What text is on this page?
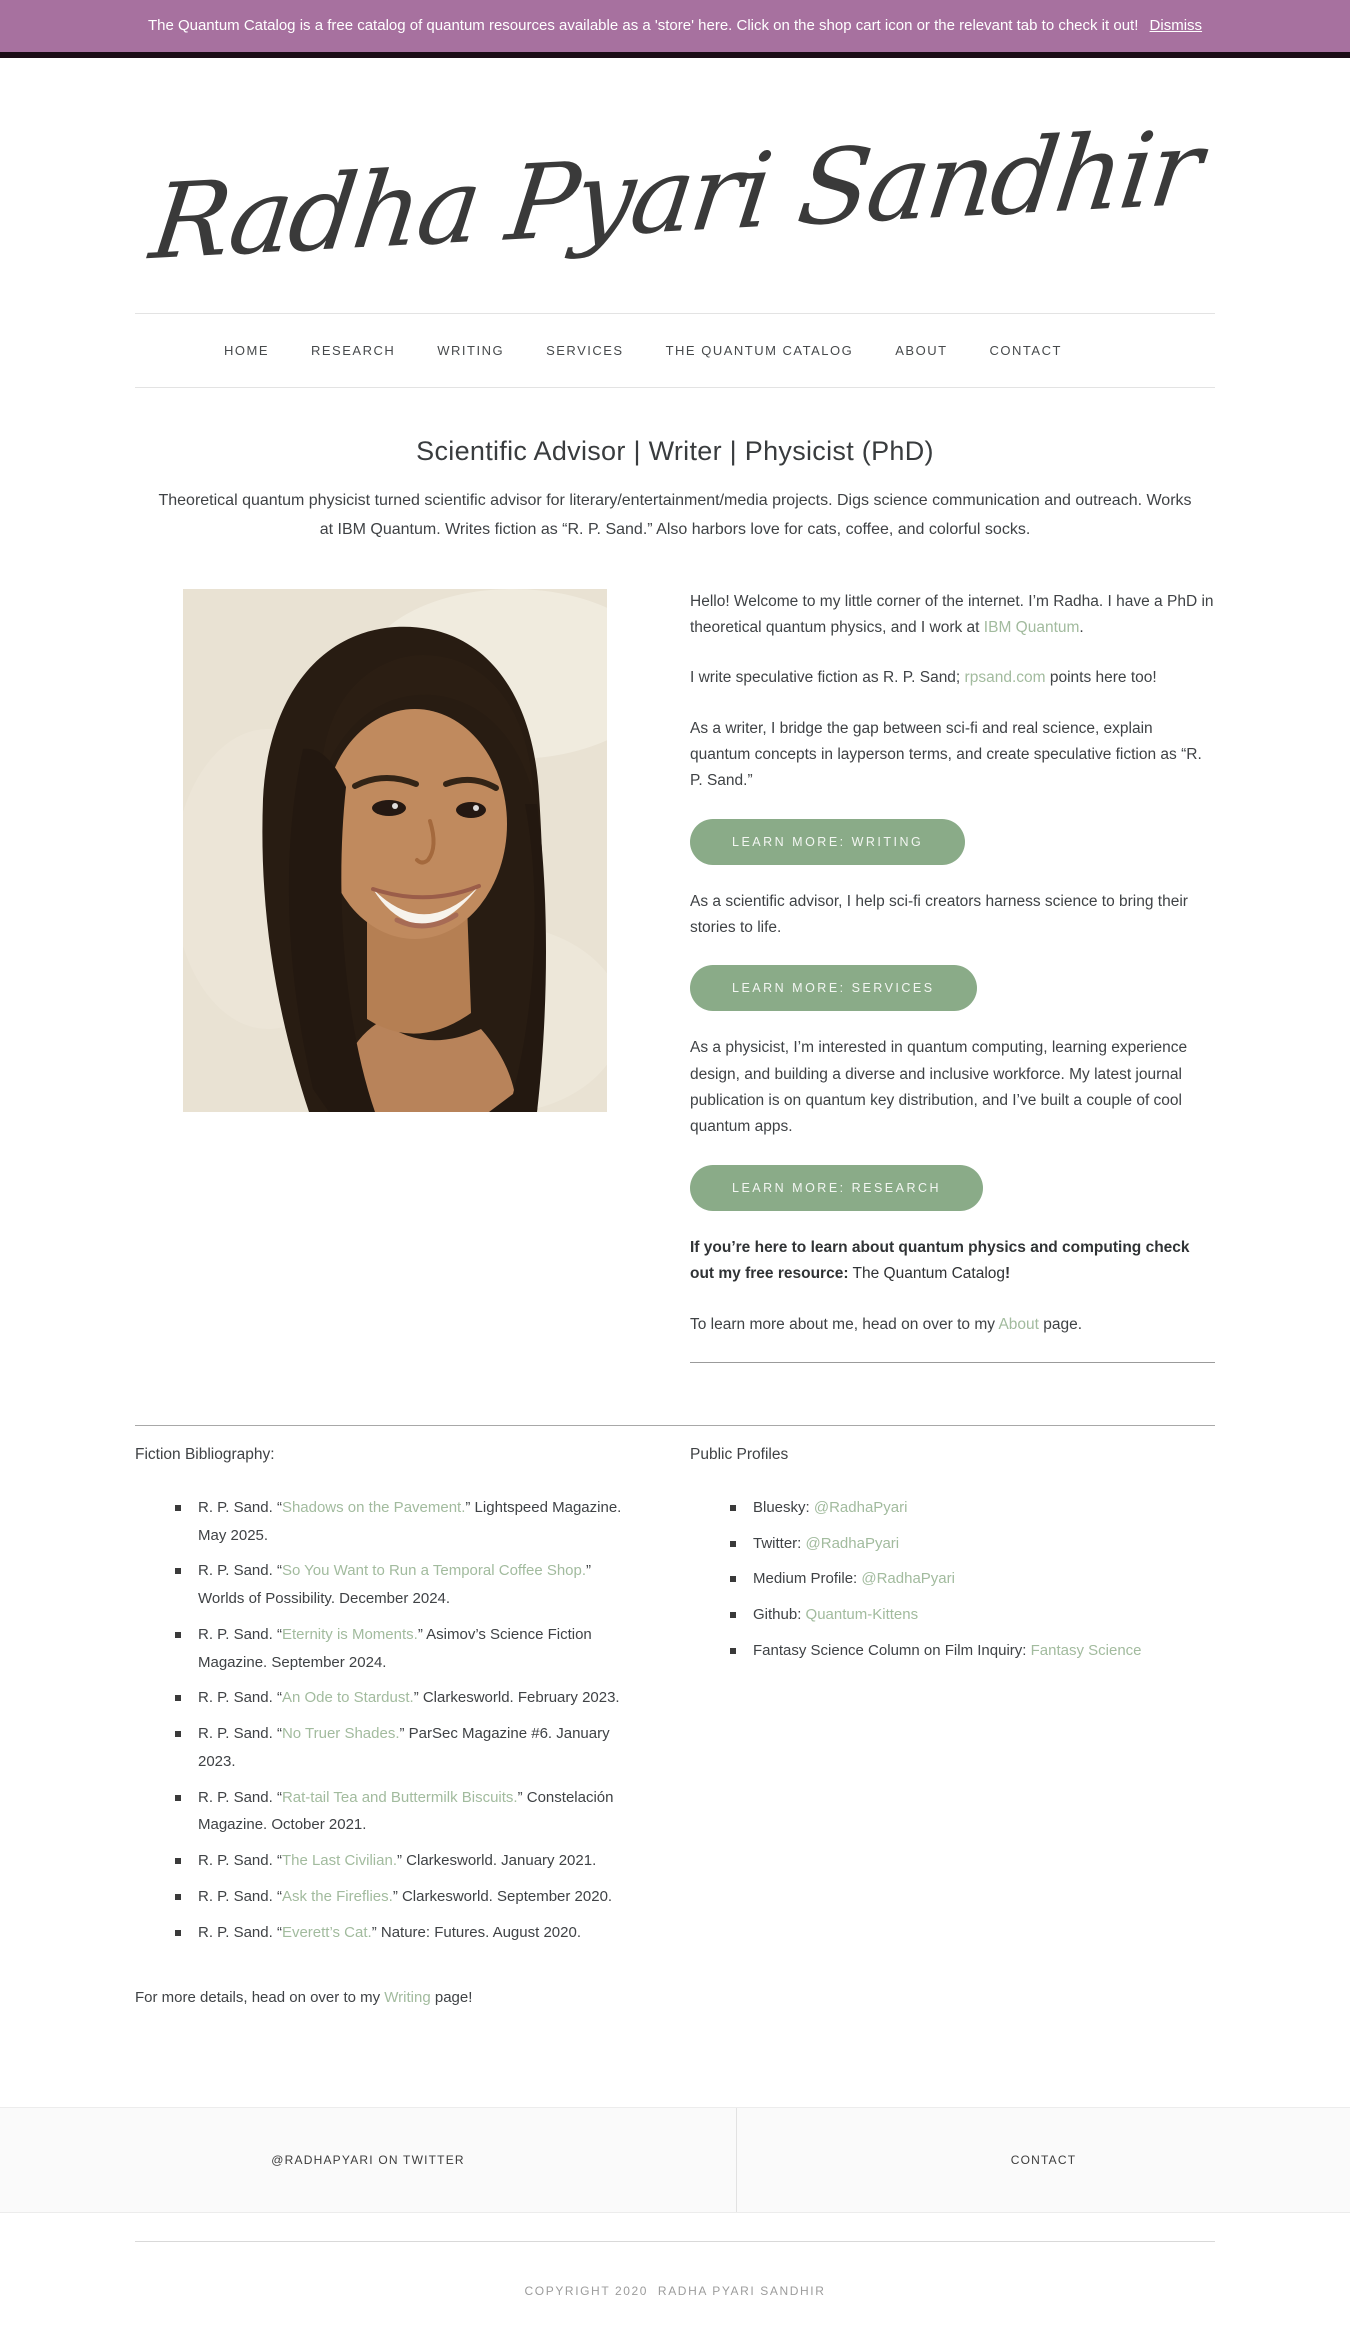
The Quantum Catalog is a free catalog of quantum resources available as a 'store' here. Click on the shop cart icon or the relevant tab to check it out! Dismiss
Radha Pyari Sandhir
HOME	RESEARCH	WRITING	SERVICES	THE QUANTUM CATALOG	ABOUT	CONTACT
Scientific Advisor | Writer | Physicist (PhD)

Theoretical quantum physicist turned scientific advisor for literary/entertainment/media projects. Digs science communication and outreach. Works at IBM Quantum. Writes fiction as “R. P. Sand.” Also harbors love for cats, coffee, and colorful socks.

Hello! Welcome to my little corner of the internet. I’m Radha. I have a PhD in theoretical quantum physics, and I work at IBM Quantum.

I write speculative fiction as R. P. Sand; rpsand.com points here too!

As a writer, I bridge the gap between sci-fi and real science, explain quantum concepts in layperson terms, and create speculative fiction as “R. P. Sand.”

LEARN MORE: WRITING

As a scientific advisor, I help sci-fi creators harness science to bring their stories to life.

LEARN MORE: SERVICES

As a physicist, I’m interested in quantum computing, learning experience design, and building a diverse and inclusive workforce. My latest journal publication is on quantum key distribution, and I’ve built a couple of cool quantum apps.

LEARN MORE: RESEARCH

If you’re here to learn about quantum physics and computing check out my free resource: The Quantum Catalog!

To learn more about me, head on over to my About page.

Fiction Bibliography:
R. P. Sand. “Shadows on the Pavement.” Lightspeed Magazine. May 2025.
R. P. Sand. “So You Want to Run a Temporal Coffee Shop.” Worlds of Possibility. December 2024.
R. P. Sand. “Eternity is Moments.” Asimov’s Science Fiction Magazine. September 2024.
R. P. Sand. “An Ode to Stardust.” Clarkesworld. February 2023.
R. P. Sand. “No Truer Shades.” ParSec Magazine #6. January 2023.
R. P. Sand. “Rat-tail Tea and Buttermilk Biscuits.” Constelación Magazine. October 2021.
R. P. Sand. “The Last Civilian.” Clarkesworld. January 2021.
R. P. Sand. “Ask the Fireflies.” Clarkesworld. September 2020.
R. P. Sand. “Everett’s Cat.” Nature: Futures. August 2020.

For more details, head on over to my Writing page!

Public Profiles
Bluesky: @RadhaPyari
Twitter: @RadhaPyari
Medium Profile: @RadhaPyari
Github: Quantum-Kittens
Fantasy Science Column on Film Inquiry: Fantasy Science
@RADHAPYARI ON TWITTER	CONTACT
COPYRIGHT 2020  RADHA PYARI SANDHIR
